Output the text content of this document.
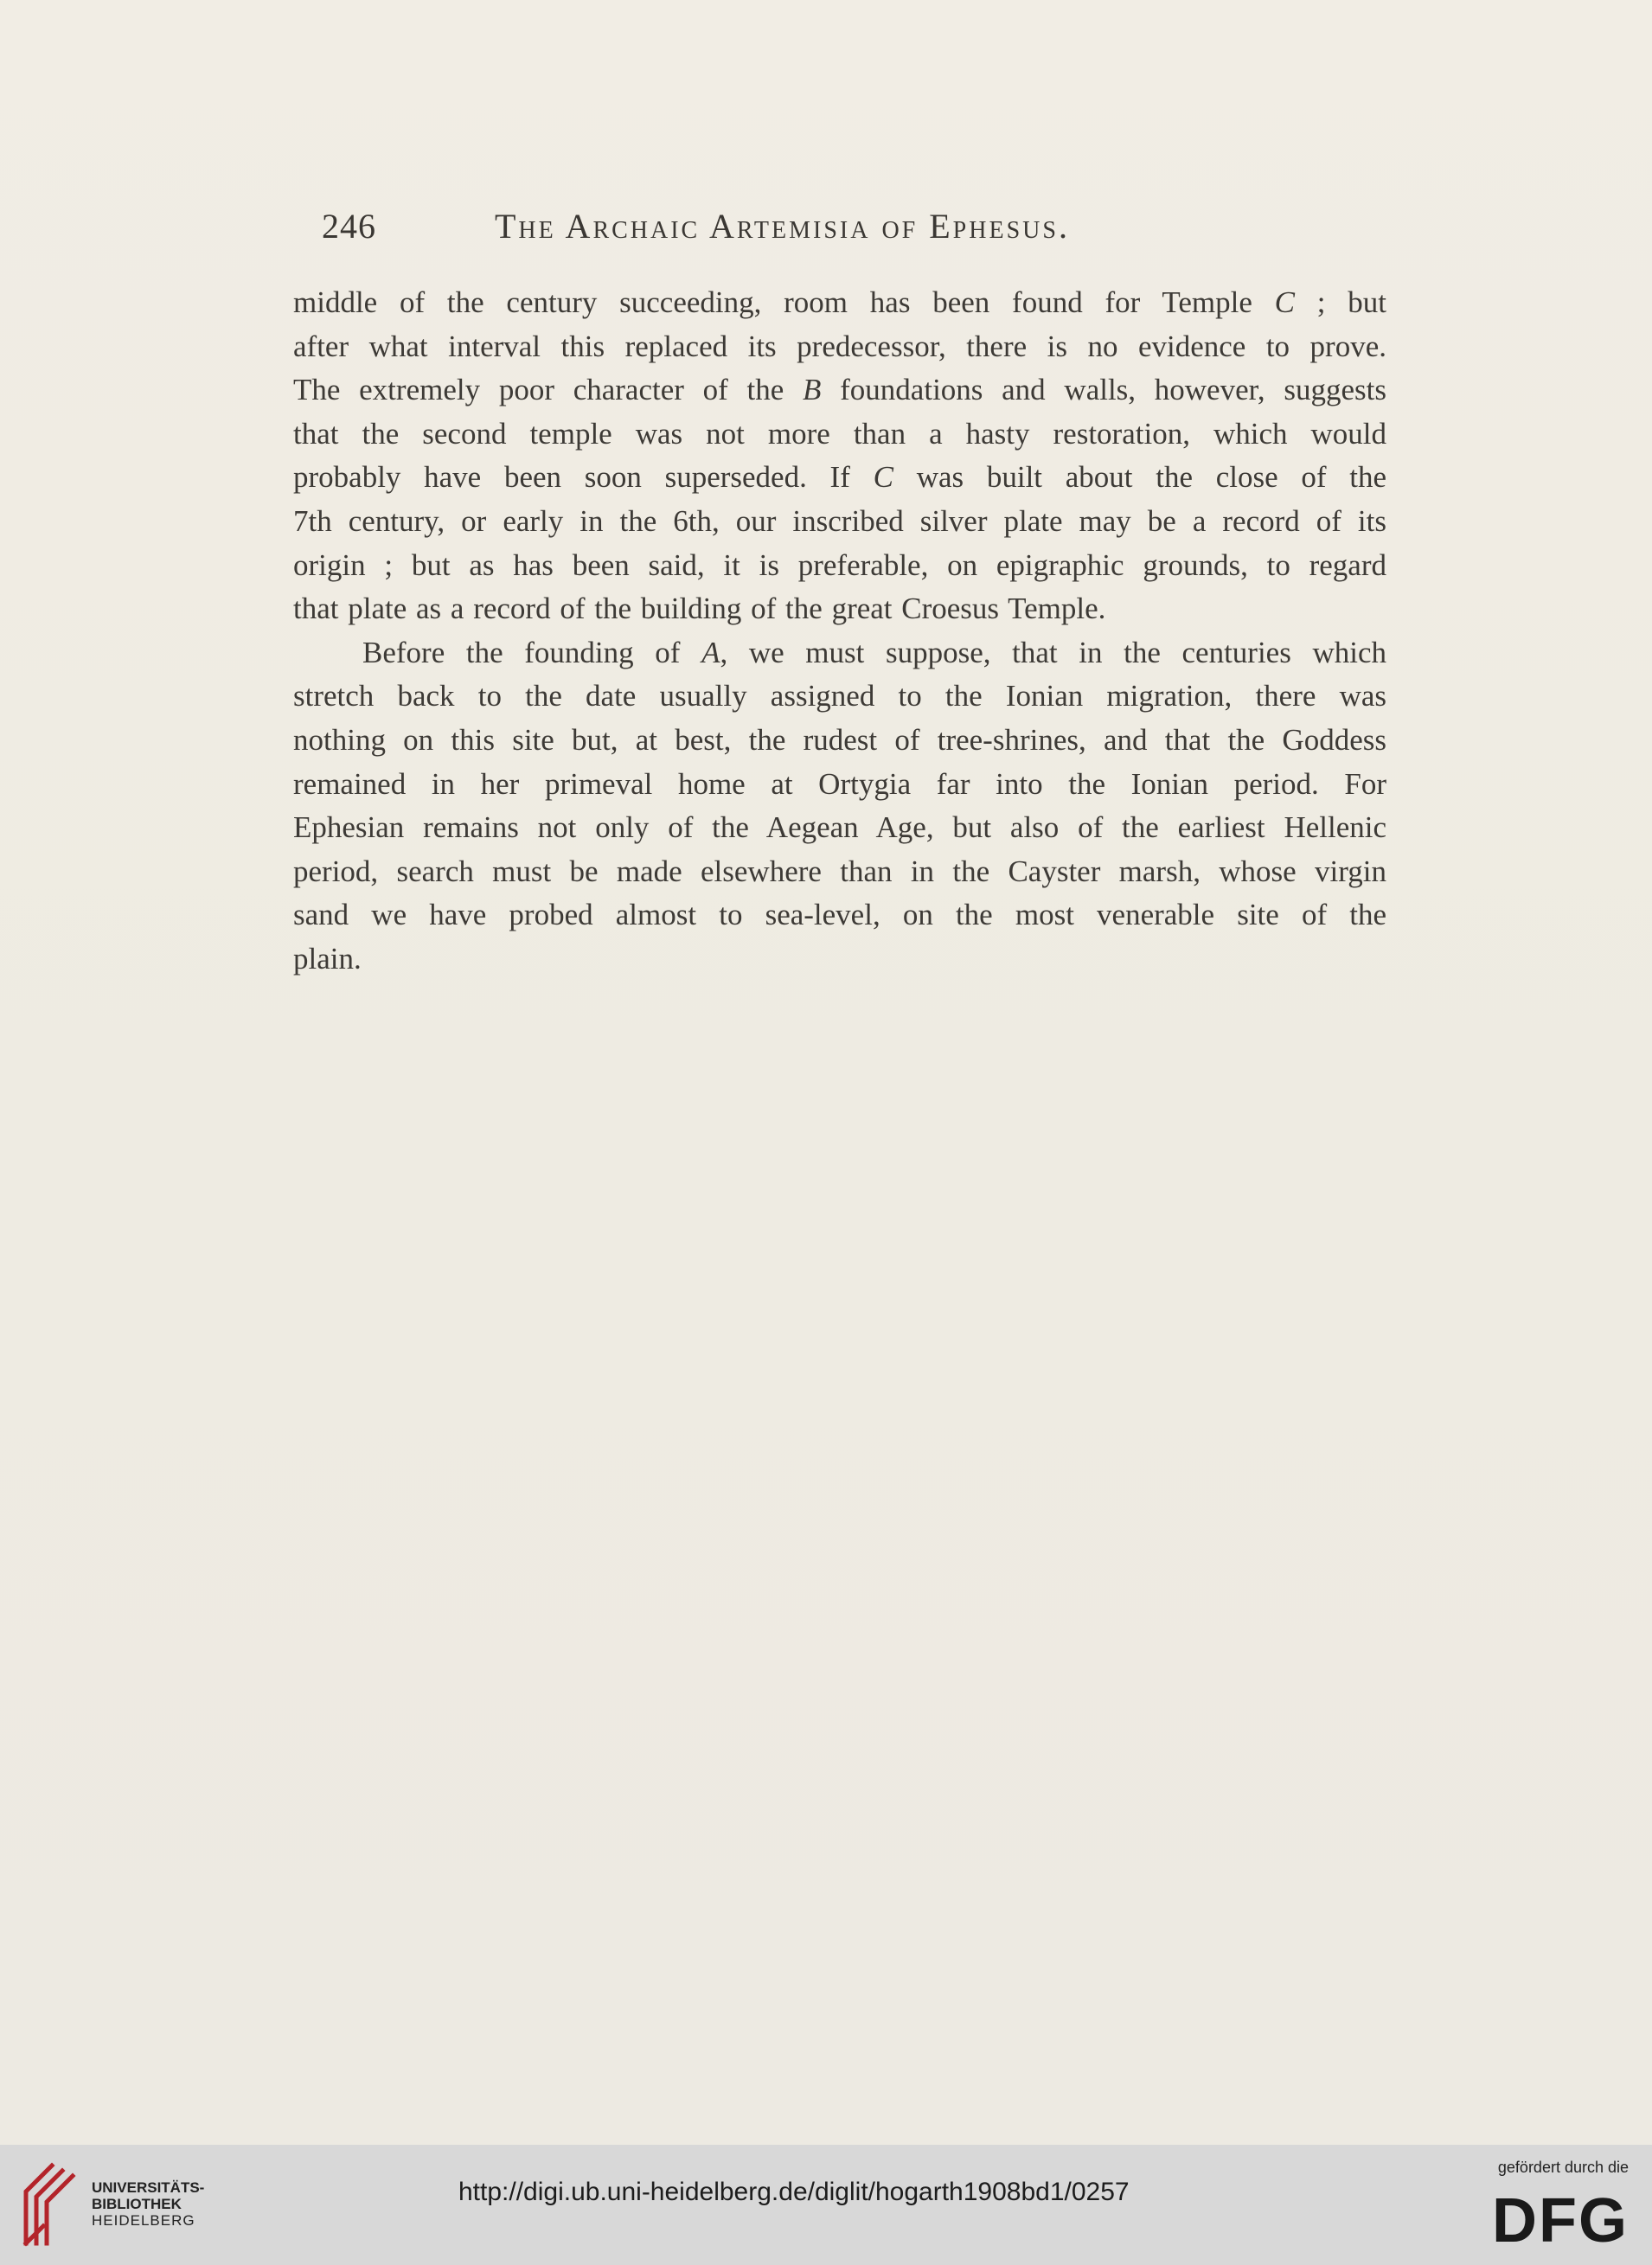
246	The Archaic Artemisia of Ephesus.
middle of the century succeeding, room has been found for Temple C ; but
after what interval this replaced its predecessor, there is no evidence to prove.
The extremely poor character of the B foundations and walls, however, suggests
that the second temple was not more than a hasty restoration, which would
probably have been soon superseded. If C was built about the close of the
7th century, or early in the 6th, our inscribed silver plate may be a record of its
origin ; but as has been said, it is preferable, on epigraphic grounds, to regard
that plate as a record of the building of the great Croesus Temple.
Before the founding of A, we must suppose, that in the centuries which
stretch back to the date usually assigned to the Ionian migration, there was
nothing on this site but, at best, the rudest of tree-shrines, and that the Goddess
remained in her primeval home at Ortygia far into the Ionian period. For
Ephesian remains not only of the Aegean Age, but also of the earliest Hellenic
period, search must be made elsewhere than in the Cayster marsh, whose virgin
sand we have probed almost to sea-level, on the most venerable site of the
plain.
UNIVERSITÄTS-
BIBLIOTHEK
HEIDELBERG
http://digi.ub.uni-heidelberg.de/diglit/hogarth1908bd1/0257
gefördert durch die
DFG
